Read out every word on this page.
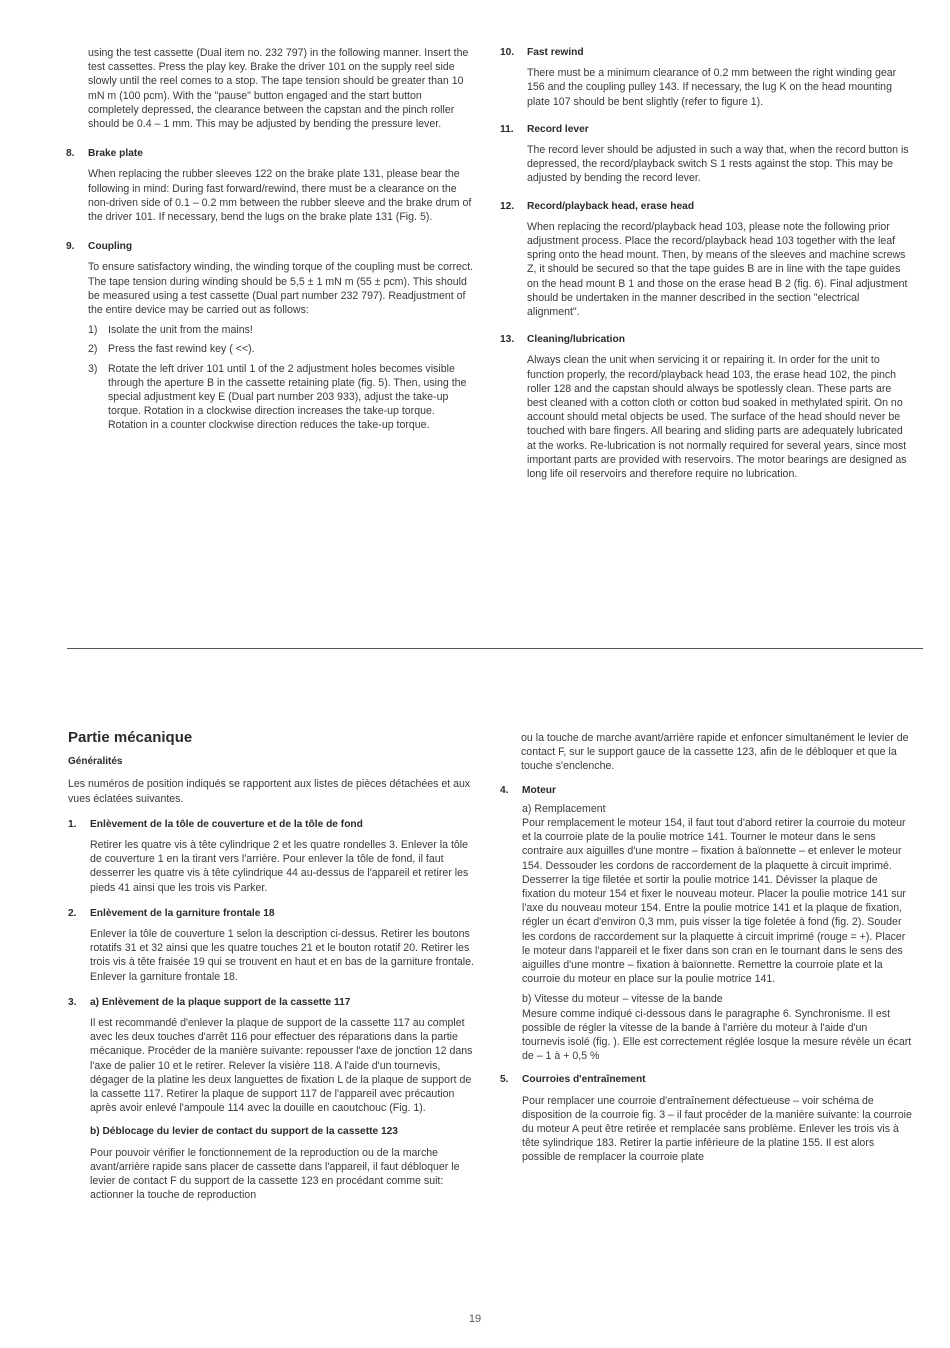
using the test cassette (Dual item no. 232 797) in the following manner. Insert the test cassettes. Press the play key. Brake the driver 101 on the supply reel side slowly until the reel comes to a stop. The tape tension should be greater than 10 mN m (100 pcm). With the "pause" button engaged and the start button completely depressed, the clearance between the capstan and the pinch roller should be 0.4 – 1 mm. This may be adjusted by bending the pressure lever.

8.	Brake plate

When replacing the rubber sleeves 122 on the brake plate 131, please bear the following in mind: During fast forward/rewind, there must be a clearance on the non-driven side of 0.1 – 0.2 mm between the rubber sleeve and the brake drum of the driver 101. If necessary, bend the lugs on the brake plate 131 (Fig. 5).

9.	Coupling

To ensure satisfactory winding, the winding torque of the coupling must be correct. The tape tension during winding should be 5,5 ± 1 mN m (55 ± pcm). This should be measured using a test cassette (Dual part number 232 797). Readjustment of the entire device may be carried out as follows:

1) Isolate the unit from the mains!
2) Press the fast rewind key ( <<).
3) Rotate the left driver 101 until 1 of the 2 adjustment holes becomes visible through the aperture B in the cassette retaining plate (fig. 5). Then, using the special adjustment key E (Dual part number 203 933), adjust the take-up torque. Rotation in a clockwise direction increases the take-up torque. Rotation in a counter clockwise direction reduces the take-up torque.
10.	Fast rewind

There must be a minimum clearance of 0.2 mm between the right winding gear 156 and the coupling pulley 143. If necessary, the lug K on the head mounting plate 107 should be bent slightly (refer to figure 1).

11.	Record lever

The record lever should be adjusted in such a way that, when the record button is depressed, the record/playback switch S 1 rests against the stop. This may be adjusted by bending the record lever.

12.	Record/playback head, erase head

When replacing the record/playback head 103, please note the following prior adjustment process. Place the record/playback head 103 together with the leaf spring onto the head mount. Then, by means of the sleeves and machine screws Z, it should be secured so that the tape guides B are in line with the tape guides on the head mount B 1 and those on the erase head B 2 (fig. 6). Final adjustment should be undertaken in the manner described in the section "electrical alignment".

13.	Cleaning/lubrication

Always clean the unit when servicing it or repairing it. In order for the unit to function properly, the record/playback head 103, the erase head 102, the pinch roller 128 and the capstan should always be spotlessly clean. These parts are best cleaned with a cotton cloth or cotton bud soaked in methylated spirit. On no account should metal objects be used. The surface of the head should never be touched with bare fingers. All bearing and sliding parts are adequately lubricated at the works. Re-lubrication is not normally required for several years, since most important parts are provided with reservoirs. The motor bearings are designed as long life oil reservoirs and therefore require no lubrication.

Partie mécanique

Généralités

Les numéros de position indiqués se rapportent aux listes de pièces détachées et aux vues éclatées suivantes.

1.	Enlèvement de la tôle de couverture et de la tôle de fond

Retirer les quatre vis à tête cylindrique 2 et les quatre rondelles 3. Enlever la tôle de couverture 1 en la tirant vers l'arrière. Pour enlever la tôle de fond, il faut desserrer les quatre vis à tête cylindrique 44 au-dessus de l'appareil et retirer les pieds 41 ainsi que les trois vis Parker.

2.	Enlèvement de la garniture frontale 18

Enlever la tôle de couverture 1 selon la description ci-dessus. Retirer les boutons rotatifs 31 et 32 ainsi que les quatre touches 21 et le bouton rotatif 20. Retirer les trois vis à tête fraisée 19 qui se trouvent en haut et en bas de la garniture frontale. Enlever la garniture frontale 18.

3.	a) Enlèvement de la plaque support de la cassette 117

Il est recommandé d'enlever la plaque de support de la cassette 117 au complet avec les deux touches d'arrêt 116 pour effectuer des réparations dans la partie mécanique. Procéder de la manière suivante: repousser l'axe de jonction 12 dans l'axe de palier 10 et le retirer. Relever la visière 118. A l'aide d'un tournevis, dégager de la platine les deux languettes de fixation L de la plaque de support de la cassette 117. Retirer la plaque de support 117 de l'appareil avec précaution après avoir enlevé l'ampoule 114 avec la douille en caoutchouc (Fig. 1).

b) Déblocage du levier de contact du support de la cassette 123

Pour pouvoir vérifier le fonctionnement de la reproduction ou de la marche avant/arrière rapide sans placer de cassette dans l'appareil, il faut débloquer le levier de contact F du support de la cassette 123 en procédant comme suit: actionner la touche de reproduction

ou la touche de marche avant/arrière rapide et enfoncer simultanément le levier de contact F, sur le support gauce de la cassette 123, afin de le débloquer et que la touche s'enclenche.

4.	Moteur

a) Remplacement

Pour remplacement le moteur 154, il faut tout d'abord retirer la courroie du moteur et la courroie plate de la poulie motrice 141. Tourner le moteur dans le sens contraire aux aiguilles d'une montre – fixation à baïonnette – et enlever le moteur 154. Dessouder les cordons de raccordement de la plaquette à circuit imprimé. Desserrer la tige filetée et sortir la poulie motrice 141. Dévisser la plaque de fixation du moteur 154 et fixer le nouveau moteur. Placer la poulie motrice 141 sur l'axe du nouveau moteur 154. Entre la poulie motrice 141 et la plaque de fixation, régler un écart d'environ 0,3 mm, puis visser la tige foletée à fond (fig. 2). Souder les cordons de raccordement sur la plaquette à circuit imprimé (rouge = +). Placer le moteur dans l'appareil et le fixer dans son cran en le tournant dans le sens des aiguilles d'une montre – fixation à baïonnette. Remettre la courroie plate et la courroie du moteur en place sur la poulie motrice 141.

b) Vitesse du moteur – vitesse de la bande

Mesure comme indiqué ci-dessous dans le paragraphe 6. Synchronisme. Il est possible de régler la vitesse de la bande à l'arrière du moteur à l'aide d'un tournevis isolé (fig. ). Elle est correctement réglée losque la mesure révèle un écart de – 1 à + 0,5 %

5.	Courroies d'entraînement

Pour remplacer une courroie d'entraînement défectueuse – voir schéma de disposition de la courroie fig. 3 – il faut procéder de la manière suivante: la courroie du moteur A peut être retirée et remplacée sans problème. Enlever les trois vis à tête sylindrique 183. Retirer la partie inférieure de la platine 155. Il est alors possible de remplacer la courroie plate

19
